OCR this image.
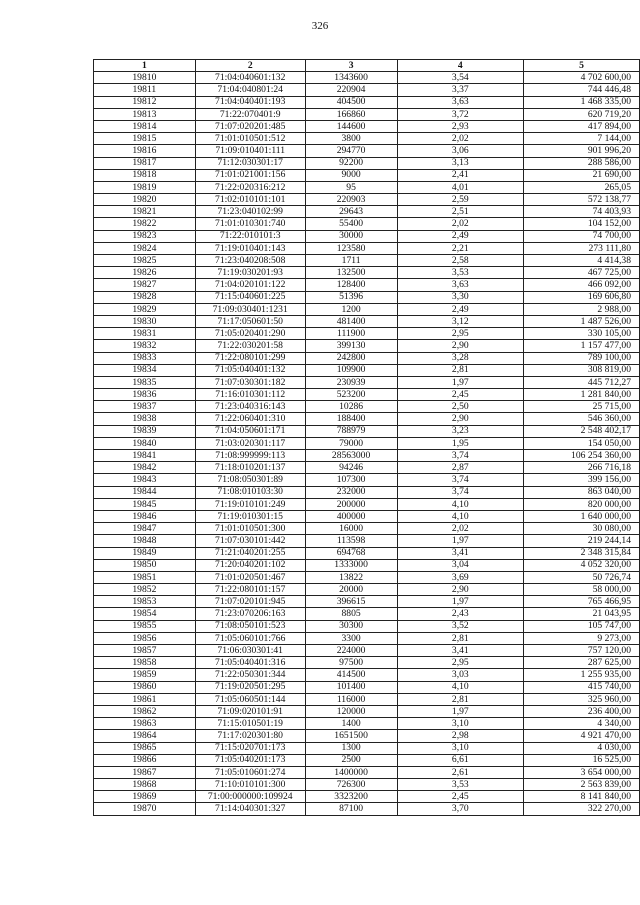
326
1	2	3	4	5
19810	71:04:040601:132	1343600	3,54	4 702 600,00
19811	71:04:040801:24	220904	3,37	744 446,48
19812	71:04:040401:193	404500	3,63	1 468 335,00
19813	71:22:070401:9	166860	3,72	620 719,20
19814	71:07:020201:485	144600	2,93	417 894,00
19815	71:01:010501:512	3800	2,02	7 144,00
19816	71:09:010401:111	294770	3,06	901 996,20
19817	71:12:030301:17	92200	3,13	288 586,00
19818	71:01:021001:156	9000	2,41	21 690,00
19819	71:22:020316:212	95	4,01	265,05
19820	71:02:010101:101	220903	2,59	572 138,77
19821	71:23:040102:99	29643	2,51	74 403,93
19822	71:01:010301:740	55400	2,02	104 152,00
19823	71:22:010101:3	30000	2,49	74 700,00
19824	71:19:010401:143	123580	2,21	273 111,80
19825	71:23:040208:508	1711	2,58	4 414,38
19826	71:19:030201:93	132500	3,53	467 725,00
19827	71:04:020101:122	128400	3,63	466 092,00
19828	71:15:040601:225	51396	3,30	169 606,80
19829	71:09:030401:1231	1200	2,49	2 988,00
19830	71:17:050601:50	481400	3,12	1 487 526,00
19831	71:05:020401:290	111900	2,95	330 105,00
19832	71:22:030201:58	399130	2,90	1 157 477,00
19833	71:22:080101:299	242800	3,28	789 100,00
19834	71:05:040401:132	109900	2,81	308 819,00
19835	71:07:030301:182	230939	1,97	445 712,27
19836	71:16:010301:112	523200	2,45	1 281 840,00
19837	71:23:040316:143	10286	2,50	25 715,00
19838	71:22:060401:310	188400	2,90	546 360,00
19839	71:04:050601:171	788979	3,23	2 548 402,17
19840	71:03:020301:117	79000	1,95	154 050,00
19841	71:08:999999:113	28563000	3,74	106 254 360,00
19842	71:18:010201:137	94246	2,87	266 716,18
19843	71:08:050301:89	107300	3,74	399 156,00
19844	71:08:010103:30	232000	3,74	863 040,00
19845	71:19:010101:249	200000	4,10	820 000,00
19846	71:19:010301:15	400000	4,10	1 640 000,00
19847	71:01:010501:300	16000	2,02	30 080,00
19848	71:07:030101:442	113598	1,97	219 244,14
19849	71:21:040201:255	694768	3,41	2 348 315,84
19850	71:20:040201:102	1333000	3,04	4 052 320,00
19851	71:01:020501:467	13822	3,69	50 726,74
19852	71:22:080101:157	20000	2,90	58 000,00
19853	71:07:020101:945	396615	1,97	765 466,95
19854	71:23:070206:163	8805	2,43	21 043,95
19855	71:08:050101:523	30300	3,52	105 747,00
19856	71:05:060101:766	3300	2,81	9 273,00
19857	71:06:030301:41	224000	3,41	757 120,00
19858	71:05:040401:316	97500	2,95	287 625,00
19859	71:22:050301:344	414500	3,03	1 255 935,00
19860	71:19:020501:295	101400	4,10	415 740,00
19861	71:05:060501:144	116000	2,81	325 960,00
19862	71:09:020101:91	120000	1,97	236 400,00
19863	71:15:010501:19	1400	3,10	4 340,00
19864	71:17:020301:80	1651500	2,98	4 921 470,00
19865	71:15:020701:173	1300	3,10	4 030,00
19866	71:05:040201:173	2500	6,61	16 525,00
19867	71:05:010601:274	1400000	2,61	3 654 000,00
19868	71:10:010101:300	726300	3,53	2 563 839,00
19869	71:00:000000:109924	3323200	2,45	8 141 840,00
19870	71:14:040301:327	87100	3,70	322 270,00
